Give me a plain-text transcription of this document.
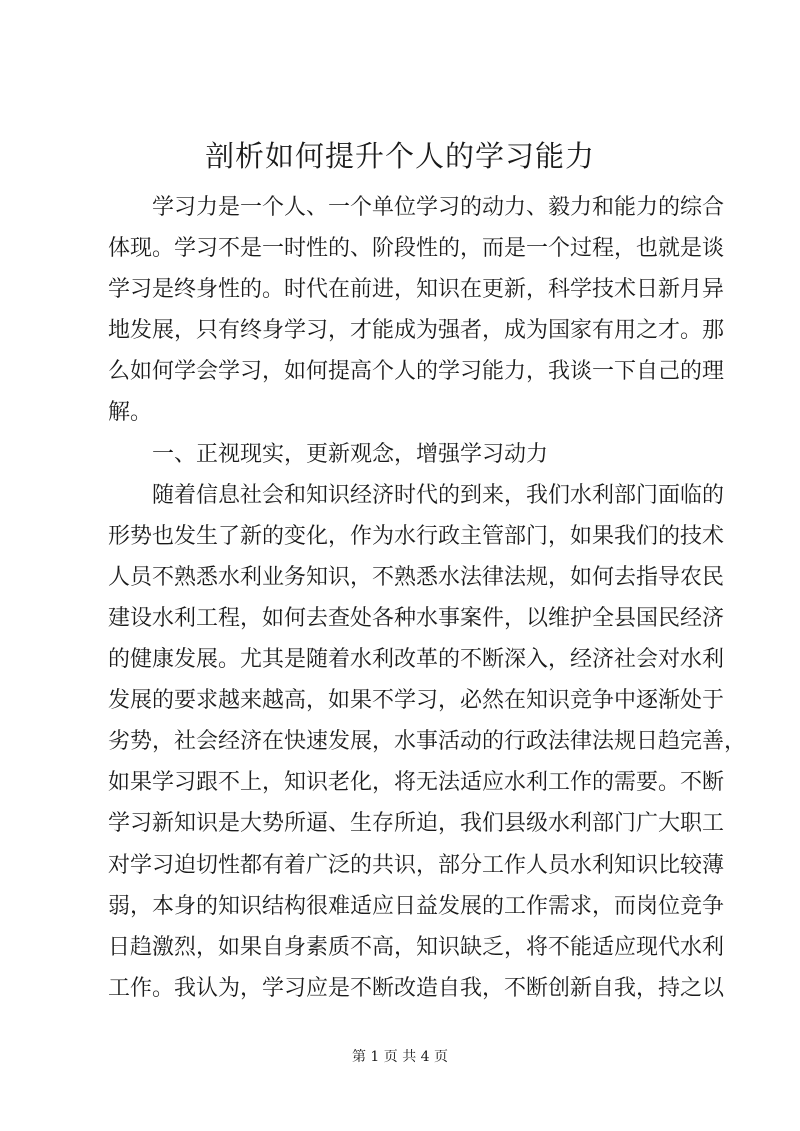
剖析如何提升个人的学习能力
学习力是一个人、一个单位学习的动力、毅力和能力的综合
体现。学习不是一时性的、阶段性的，而是一个过程，也就是谈
学习是终身性的。时代在前进，知识在更新，科学技术日新月异
地发展，只有终身学习，才能成为强者，成为国家有用之才。那
么如何学会学习，如何提高个人的学习能力，我谈一下自己的理
解。
一、正视现实，更新观念，增强学习动力
随着信息社会和知识经济时代的到来，我们水利部门面临的
形势也发生了新的变化，作为水行政主管部门，如果我们的技术
人员不熟悉水利业务知识，不熟悉水法律法规，如何去指导农民
建设水利工程，如何去查处各种水事案件，以维护全县国民经济
的健康发展。尤其是随着水利改革的不断深入，经济社会对水利
发展的要求越来越高，如果不学习，必然在知识竞争中逐渐处于
劣势，社会经济在快速发展，水事活动的行政法律法规日趋完善，
如果学习跟不上，知识老化，将无法适应水利工作的需要。不断
学习新知识是大势所逼、生存所迫，我们县级水利部门广大职工
对学习迫切性都有着广泛的共识，部分工作人员水利知识比较薄
弱，本身的知识结构很难适应日益发展的工作需求，而岗位竞争
日趋激烈，如果自身素质不高，知识缺乏，将不能适应现代水利
工作。我认为，学习应是不断改造自我，不断创新自我，持之以
第 1 页 共 4 页
